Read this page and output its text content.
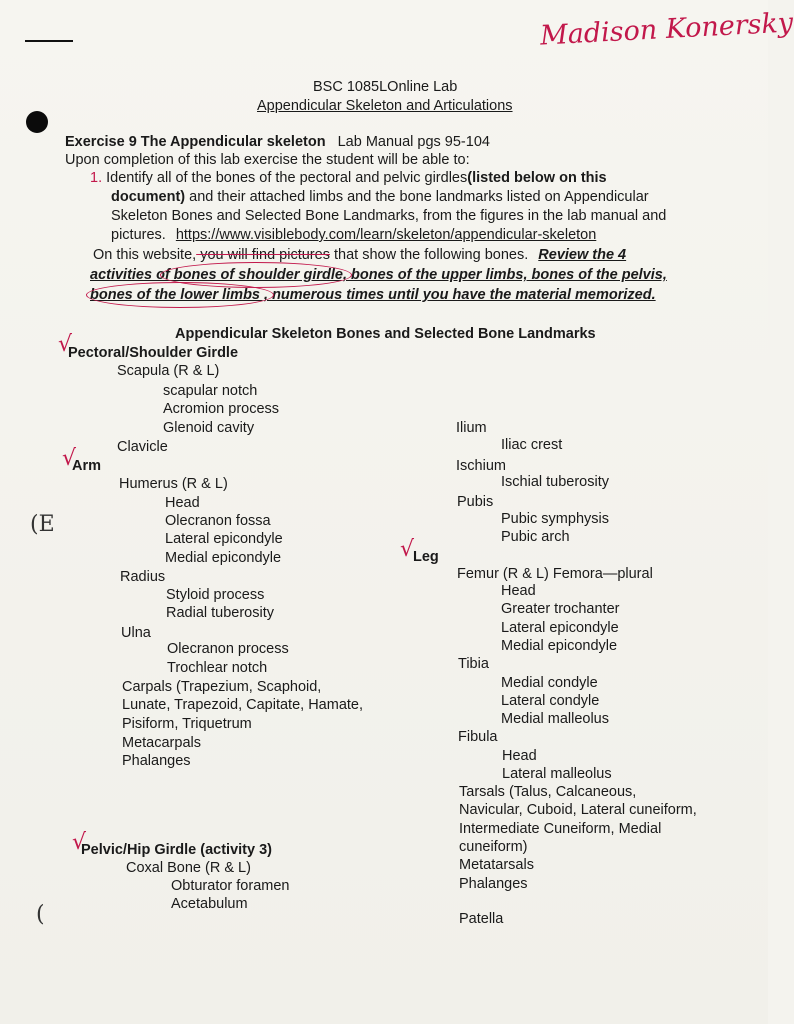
(E
(
Madison Konersky
BSC 1085LOnline Lab
Appendicular Skeleton and Articulations
Exercise 9 The Appendicular skeleton Lab Manual pgs 95-104
Upon completion of this lab exercise the student will be able to:
1. Identify all of the bones of the pectoral and pelvic girdles(listed below on this
document) and their attached limbs and the bone landmarks listed on Appendicular
Skeleton Bones and Selected Bone Landmarks, from the figures in the lab manual and
pictures. https://www.visiblebody.com/learn/skeleton/appendicular-skeleton
On this website, you will find pictures that show the following bones. Review the 4
activities of bones of shoulder girdle, bones of the upper limbs, bones of the pelvis,
bones of the lower limbs , numerous times until you have the material memorized.
Appendicular Skeleton Bones and Selected Bone Landmarks
√
Pectoral/Shoulder Girdle
Scapula (R & L)
scapular notch
Acromion process
Glenoid cavity
Clavicle
√
Arm
Humerus (R & L)
Head
Olecranon fossa
Lateral epicondyle
Medial epicondyle
Radius
Styloid process
Radial tuberosity
Ulna
Olecranon process
Trochlear notch
Carpals (Trapezium, Scaphoid,
Lunate, Trapezoid, Capitate, Hamate,
Pisiform, Triquetrum
Metacarpals
Phalanges
√
Pelvic/Hip Girdle (activity 3)
Coxal Bone (R & L)
Obturator foramen
Acetabulum
Ilium
Iliac crest
Ischium
Ischial tuberosity
Pubis
Pubic symphysis
Pubic arch
√
Leg
Femur (R & L) Femora—plural
Head
Greater trochanter
Lateral epicondyle
Medial epicondyle
Tibia
Medial condyle
Lateral condyle
Medial malleolus
Fibula
Head
Lateral malleolus
Tarsals (Talus, Calcaneous,
Navicular, Cuboid, Lateral cuneiform,
Intermediate Cuneiform, Medial
cuneiform)
Metatarsals
Phalanges
Patella
